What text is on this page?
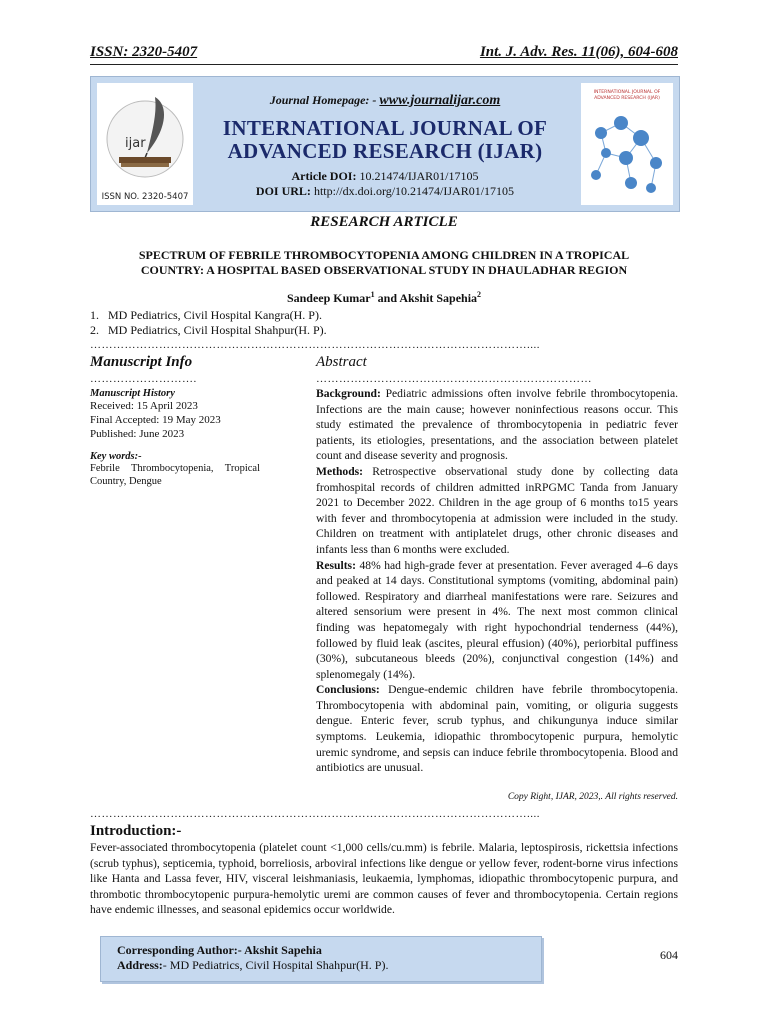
ISSN: 2320-5407	Int. J. Adv. Res. 11(06), 604-608
ijar
ISSN NO. 2320-5407
Journal Homepage: - www.journalijar.com
INTERNATIONAL JOURNAL OF
ADVANCED RESEARCH (IJAR)
Article DOI: 10.21474/IJAR01/17105
DOI URL: http://dx.doi.org/10.21474/IJAR01/17105
INTERNATIONAL JOURNAL OF
ADVANCED RESEARCH (IJAR)
RESEARCH ARTICLE
SPECTRUM OF FEBRILE THROMBOCYTOPENIA AMONG CHILDREN IN A TROPICAL
COUNTRY: A HOSPITAL BASED OBSERVATIONAL STUDY IN DHAULADHAR REGION
Sandeep Kumar$^1$ and Akshit Sapehia$^2$
1.   MD Pediatrics, Civil Hospital Kangra(H. P).
2.   MD Pediatrics, Civil Hospital Shahpur(H. P).
……………………………………………………………………………………………………....
Manuscript Info
……………………….
Manuscript History
Received: 15 April 2023
Final Accepted: 19 May 2023
Published: June 2023
Key words:-
Febrile Thrombocytopenia, Tropical Country, Dengue
Abstract
………………………………………………………………
Background: Pediatric admissions often involve febrile thrombocytopenia. Infections are the main cause; however noninfectious reasons occur. This study estimated the prevalence of thrombocytopenia in pediatric fever patients, its etiologies, presentations, and the association between platelet count and disease severity and prognosis.
Methods: Retrospective observational study done by collecting data fromhospital records of children admitted inRPGMC Tanda from January 2021 to December 2022. Children in the age group of 6 months to15 years with fever and thrombocytopenia at admission were included in the study. Children on treatment with antiplatelet drugs, other chronic diseases and infants less than 6 months were excluded.
Results: 48% had high-grade fever at presentation. Fever averaged 4–6 days and peaked at 14 days. Constitutional symptoms (vomiting, abdominal pain) followed. Respiratory and diarrheal manifestations were rare. Seizures and altered sensorium were present in 4%. The next most common clinical finding was hepatomegaly with right hypochondrial tenderness (44%), followed by fluid leak (ascites, pleural effusion) (40%), periorbital puffiness (30%), subcutaneous bleeds (20%), conjunctival congestion (14%) and splenomegaly (14%).
Conclusions: Dengue-endemic children have febrile thrombocytopenia. Thrombocytopenia with abdominal pain, vomiting, or oliguria suggests dengue. Enteric fever, scrub typhus, and chikungunya induce similar symptoms. Leukemia, idiopathic thrombocytopenic purpura, hemolytic uremic syndrome, and sepsis can induce febrile thrombocytopenia. Blood and antibiotics are unusual.
Copy Right, IJAR, 2023,. All rights reserved.
……………………………………………………………………………………………………....
Introduction:-
Fever-associated thrombocytopenia (platelet count <1,000 cells/cu.mm) is febrile. Malaria, leptospirosis, rickettsia infections (scrub typhus), septicemia, typhoid, borreliosis, arboviral infections like dengue or yellow fever, rodent-borne virus infections like Hanta and Lassa fever, HIV, visceral leishmaniasis, leukaemia, lymphomas, idiopathic thrombocytopenic purpura, and thrombotic thrombocytopenic purpura-hemolytic uremi are common causes of fever and thrombocytopenia. Certain regions have endemic illnesses, and seasonal epidemics occur worldwide.
Corresponding Author:- Akshit Sapehia
Address:- MD Pediatrics, Civil Hospital Shahpur(H. P).
604
